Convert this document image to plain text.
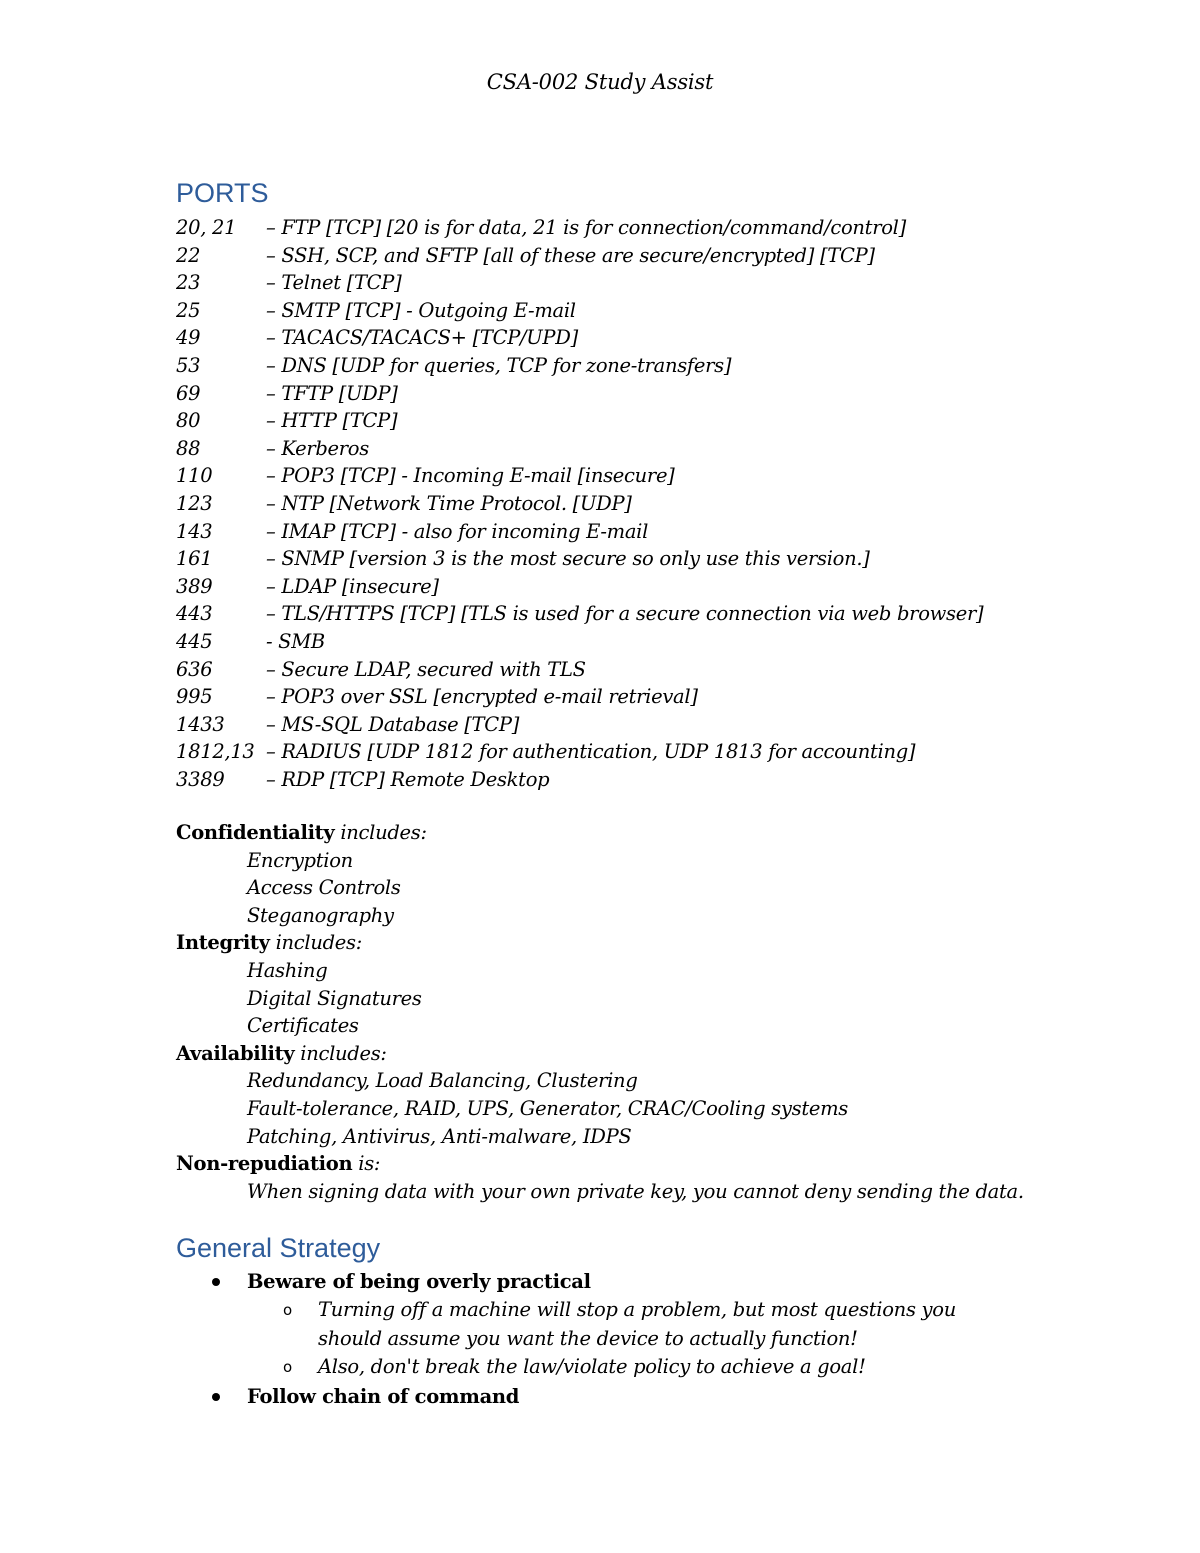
CSA-002 Study Assist
PORTS
20, 21 – FTP [TCP] [20 is for data, 21 is for connection/command/control]
22	– SSH, SCP, and SFTP [all of these are secure/encrypted] [TCP]
23	– Telnet [TCP]
25	– SMTP [TCP] - Outgoing E-mail
49	– TACACS/TACACS+ [TCP/UPD]
53	– DNS [UDP for queries, TCP for zone-transfers]
69	– TFTP [UDP]
80	– HTTP [TCP]
88	– Kerberos
110	– POP3 [TCP] - Incoming E-mail [insecure]
123	– NTP [Network Time Protocol. [UDP]
143	– IMAP [TCP] - also for incoming E-mail
161	– SNMP [version 3 is the most secure so only use this version.]
389	– LDAP [insecure]
443	– TLS/HTTPS [TCP] [TLS is used for a secure connection via web browser]
445	- SMB
636	– Secure LDAP, secured with TLS
995	– POP3 over SSL [encrypted e-mail retrieval]
1433 – MS-SQL Database [TCP]
1812,13 – RADIUS [UDP 1812 for authentication, UDP 1813 for accounting]
3389 – RDP [TCP] Remote Desktop
Confidentiality includes:
Encryption
Access Controls
Steganography
Integrity includes:
Hashing
Digital Signatures
Certificates
Availability includes:
Redundancy, Load Balancing, Clustering
Fault-tolerance, RAID, UPS, Generator, CRAC/Cooling systems
Patching, Antivirus, Anti-malware, IDPS
Non-repudiation is:
When signing data with your own private key, you cannot deny sending the data.
General Strategy
Beware of being overly practical
o	Turning off a machine will stop a problem, but most questions you should assume you want the device to actually function!
o	Also, don't break the law/violate policy to achieve a goal!
Follow chain of command
